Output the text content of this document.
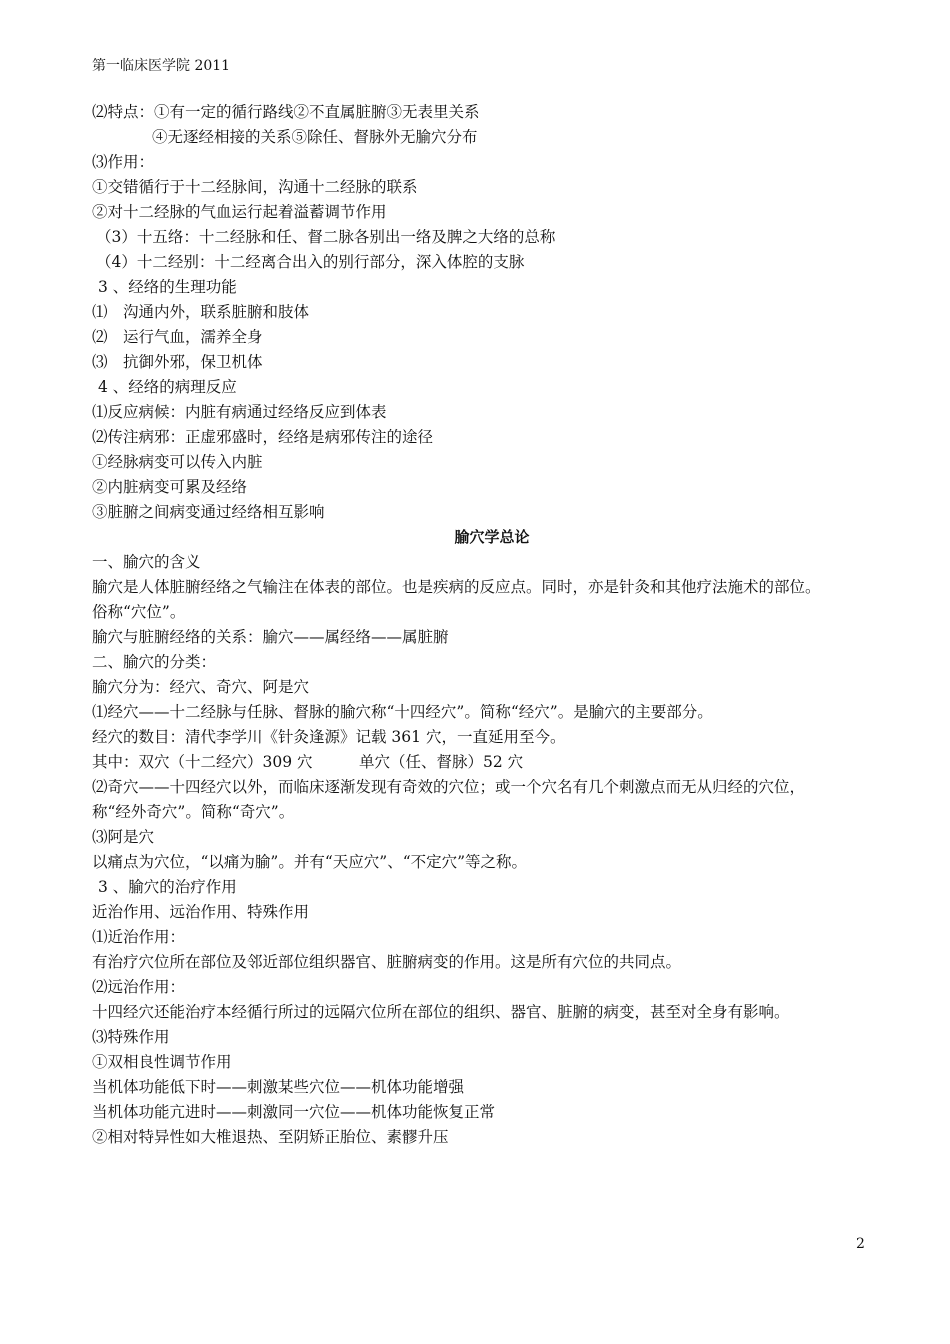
第一临床医学院 2011
⑵特点：①有一定的循行路线②不直属脏腑③无表里关系
④无逐经相接的关系⑤除任、督脉外无腧穴分布
⑶作用：
①交错循行于十二经脉间，沟通十二经脉的联系
②对十二经脉的气血运行起着溢蓄调节作用
（3）十五络：十二经脉和任、督二脉各别出一络及脾之大络的总称
（4）十二经别：十二经离合出入的别行部分，深入体腔的支脉
3 、经络的生理功能
⑴　沟通内外，联系脏腑和肢体
⑵　运行气血，濡养全身
⑶　抗御外邪，保卫机体
4 、经络的病理反应
⑴反应病候：内脏有病通过经络反应到体表
⑵传注病邪：正虚邪盛时，经络是病邪传注的途径
①经脉病变可以传入内脏
②内脏病变可累及经络
③脏腑之间病变通过经络相互影响
腧穴学总论
一、腧穴的含义
腧穴是人体脏腑经络之气输注在体表的部位。也是疾病的反应点。同时，亦是针灸和其他疗法施术的部位。
俗称“穴位”。
腧穴与脏腑经络的关系：腧穴——属经络——属脏腑
二、腧穴的分类：
腧穴分为：经穴、奇穴、阿是穴
⑴经穴——十二经脉与任脉、督脉的腧穴称“十四经穴”。简称“经穴”。是腧穴的主要部分。
经穴的数目：清代李学川《针灸逢源》记载 361 穴，一直延用至今。
其中：双穴（十二经穴）309 穴　　　单穴（任、督脉）52 穴
⑵奇穴——十四经穴以外，而临床逐渐发现有奇效的穴位；或一个穴名有几个刺激点而无从归经的穴位，
称“经外奇穴”。简称“奇穴”。
⑶阿是穴
以痛点为穴位，“以痛为腧”。并有“天应穴”、“不定穴”等之称。
3 、腧穴的治疗作用
近治作用、远治作用、特殊作用
⑴近治作用：
有治疗穴位所在部位及邻近部位组织器官、脏腑病变的作用。这是所有穴位的共同点。
⑵远治作用：
十四经穴还能治疗本经循行所过的远隔穴位所在部位的组织、器官、脏腑的病变，甚至对全身有影响。
⑶特殊作用
①双相良性调节作用
当机体功能低下时——刺激某些穴位——机体功能增强
当机体功能亢进时——刺激同一穴位——机体功能恢复正常
②相对特异性如大椎退热、至阴矫正胎位、素髎升压
2
